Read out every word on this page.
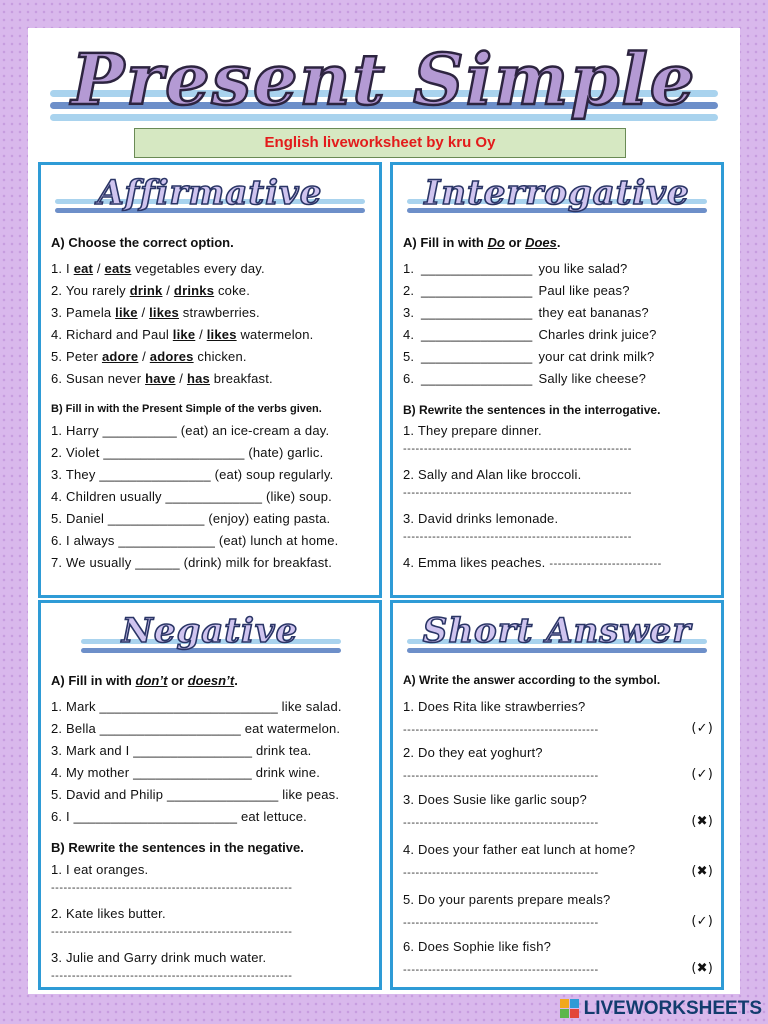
Present Simple
English liveworksheet by kru Oy
Affirmative
A) Choose the correct option.
1. I eat / eats vegetables every day.
2. You rarely drink / drinks coke.
3. Pamela like / likes strawberries.
4. Richard and Paul like / likes watermelon.
5. Peter adore / adores chicken.
6. Susan never have / has breakfast.
B) Fill in with the Present Simple of the verbs given.
1. Harry __________ (eat) an ice-cream a day.
2. Violet ___________________ (hate) garlic.
3. They _______________ (eat) soup regularly.
4. Children usually _____________ (like) soup.
5. Daniel _____________ (enjoy) eating pasta.
6. I always _____________ (eat) lunch at home.
7. We usually ______ (drink) milk for breakfast.
Interrogative
A) Fill in with Do or Does.
1. _______________ you like salad?
2. _______________ Paul like peas?
3. _______________ they eat bananas?
4. _______________ Charles drink juice?
5. _______________ your cat drink milk?
6. _______________ Sally like cheese?
B) Rewrite the sentences in the interrogative.
1. They prepare dinner.
-------------------------------------------------------
2. Sally and Alan like broccoli.
-------------------------------------------------------
3. David drinks lemonade.
-------------------------------------------------------
4. Emma likes peaches. ---------------------------
Negative
A) Fill in with don’t or doesn’t.
1. Mark ________________________ like salad.
2. Bella ___________________ eat watermelon.
3. Mark and I ________________ drink tea.
4. My mother ________________ drink wine.
5. David and Philip _______________ like peas.
6. I ______________________ eat lettuce.
B) Rewrite the sentences in the negative.
1. I eat oranges.
----------------------------------------------------------
2. Kate likes butter.
----------------------------------------------------------
3. Julie and Garry drink much water.
----------------------------------------------------------
Short Answer
A) Write the answer according to the symbol.
1. Does Rita like strawberries?
-----------------------------------------------	(✓)
2. Do they eat yoghurt?
-----------------------------------------------	(✓)
3. Does Susie like garlic soup?
-----------------------------------------------	(✖)
4. Does your father eat lunch at home?
-----------------------------------------------	(✖)
5. Do your parents prepare meals?
-----------------------------------------------	(✓)
6. Does Sophie like fish?
-----------------------------------------------	(✖)
LIVEWORKSHEETS
